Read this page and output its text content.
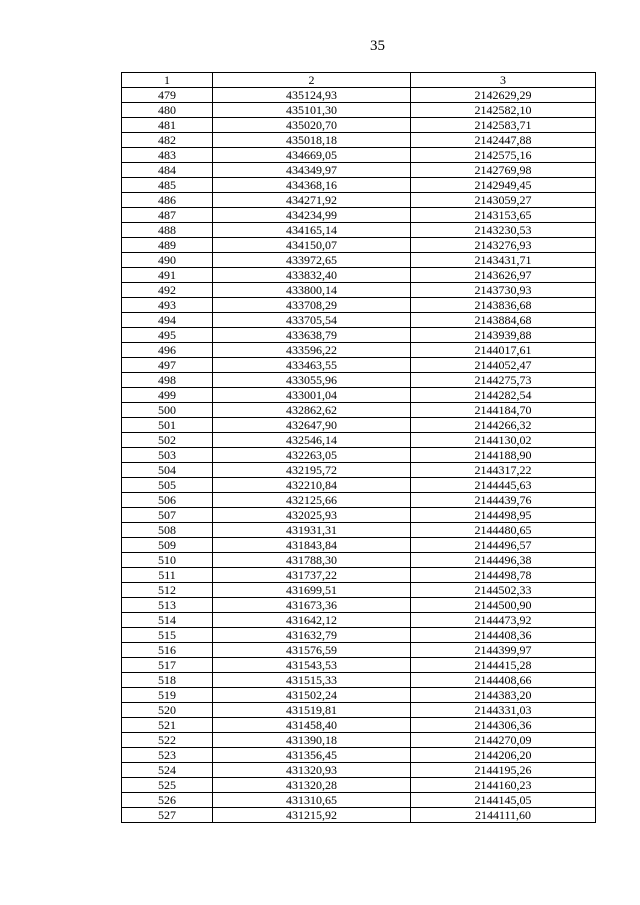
35
1	2	3
479	435124,93	2142629,29
480	435101,30	2142582,10
481	435020,70	2142583,71
482	435018,18	2142447,88
483	434669,05	2142575,16
484	434349,97	2142769,98
485	434368,16	2142949,45
486	434271,92	2143059,27
487	434234,99	2143153,65
488	434165,14	2143230,53
489	434150,07	2143276,93
490	433972,65	2143431,71
491	433832,40	2143626,97
492	433800,14	2143730,93
493	433708,29	2143836,68
494	433705,54	2143884,68
495	433638,79	2143939,88
496	433596,22	2144017,61
497	433463,55	2144052,47
498	433055,96	2144275,73
499	433001,04	2144282,54
500	432862,62	2144184,70
501	432647,90	2144266,32
502	432546,14	2144130,02
503	432263,05	2144188,90
504	432195,72	2144317,22
505	432210,84	2144445,63
506	432125,66	2144439,76
507	432025,93	2144498,95
508	431931,31	2144480,65
509	431843,84	2144496,57
510	431788,30	2144496,38
511	431737,22	2144498,78
512	431699,51	2144502,33
513	431673,36	2144500,90
514	431642,12	2144473,92
515	431632,79	2144408,36
516	431576,59	2144399,97
517	431543,53	2144415,28
518	431515,33	2144408,66
519	431502,24	2144383,20
520	431519,81	2144331,03
521	431458,40	2144306,36
522	431390,18	2144270,09
523	431356,45	2144206,20
524	431320,93	2144195,26
525	431320,28	2144160,23
526	431310,65	2144145,05
527	431215,92	2144111,60
